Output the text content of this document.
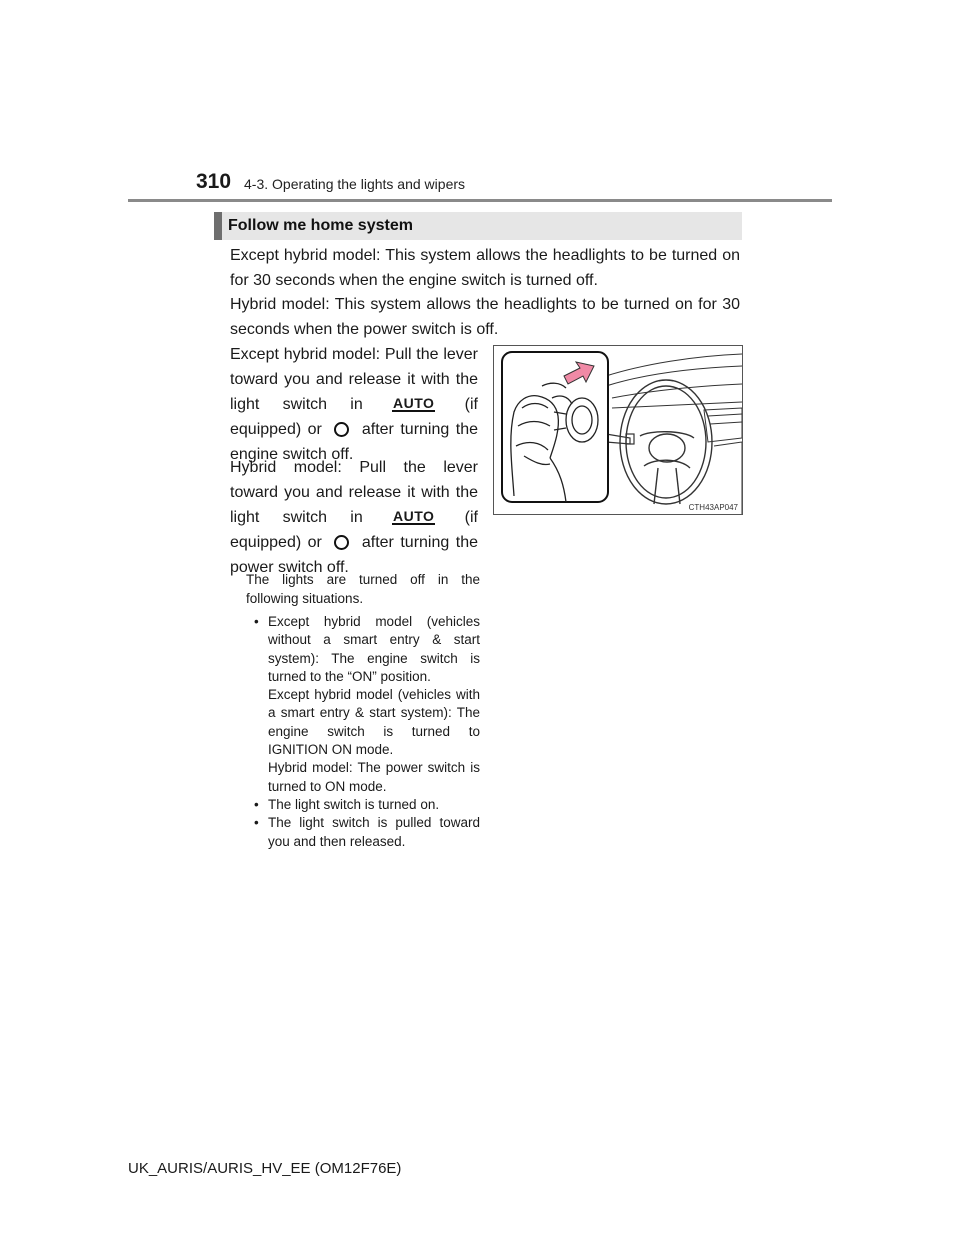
310 4-3. Operating the lights and wipers
Follow me home system
Except hybrid model: This system allows the headlights to be turned on for 30 seconds when the engine switch is turned off.
Hybrid model: This system allows the headlights to be turned on for 30 seconds when the power switch is off.
Except hybrid model: Pull the lever toward you and release it with the light switch in AUTO (if equipped) or after turning the engine switch off.
Hybrid model: Pull the lever toward you and release it with the light switch in AUTO (if equipped) or after turning the power switch off.
The lights are turned off in the following situations.
• Except hybrid model (vehicles without a smart entry & start system): The engine switch is turned to the “ON” position.
Except hybrid model (vehicles with a smart entry & start system): The engine switch is turned to IGNITION ON mode.
Hybrid model: The power switch is turned to ON mode.
• The light switch is turned on.
• The light switch is pulled toward you and then released.
CTH43AP047
UK_AURIS/AURIS_HV_EE (OM12F76E)
